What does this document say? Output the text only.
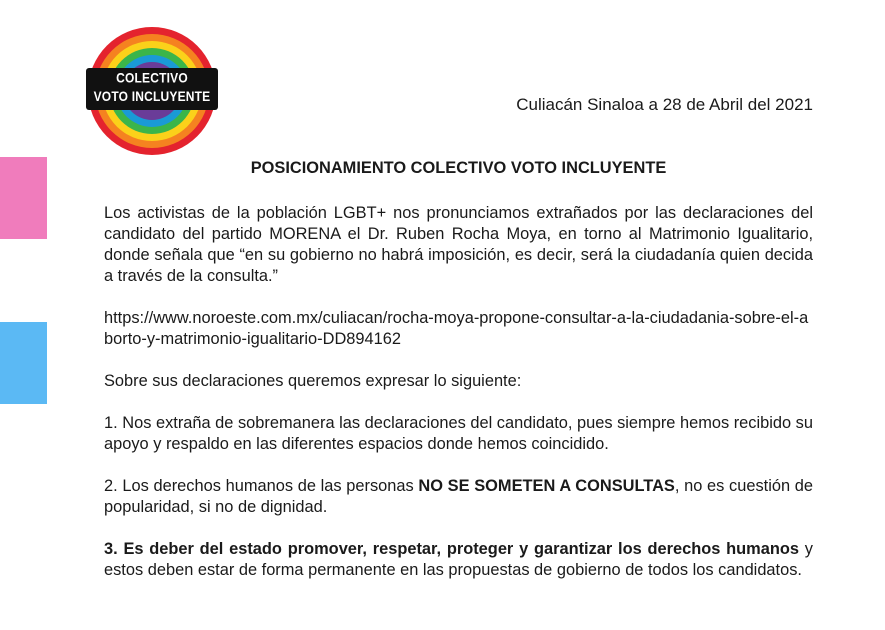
COLECTIVO
VOTO INCLUYENTE	Culiacán Sinaloa a 28 de Abril del 2021
POSICIONAMIENTO COLECTIVO VOTO INCLUYENTE

Los activistas de la población LGBT+ nos pronunciamos extrañados por las declaraciones del candidato del partido MORENA el Dr. Ruben Rocha Moya, en torno al Matrimonio Igualitario, donde señala que “en su gobierno no habrá imposición, es decir, será la ciudadanía quien decida a través de la consulta.”

https://www.noroeste.com.mx/culiacan/rocha-moya-propone-consultar-a-la-ciudadania-sobre-el-aborto-y-matrimonio-igualitario-DD894162

Sobre sus declaraciones queremos expresar lo siguiente:

1. Nos extraña de sobremanera las declaraciones del candidato, pues siempre hemos recibido su apoyo y respaldo en las diferentes espacios donde hemos coincidido.

2. Los derechos humanos de las personas NO SE SOMETEN A CONSULTAS, no es cuestión de popularidad, si no de dignidad.

3. Es deber del estado promover, respetar, proteger y garantizar los derechos humanos y estos deben estar de forma permanente en las propuestas de gobierno de todos los candidatos.
